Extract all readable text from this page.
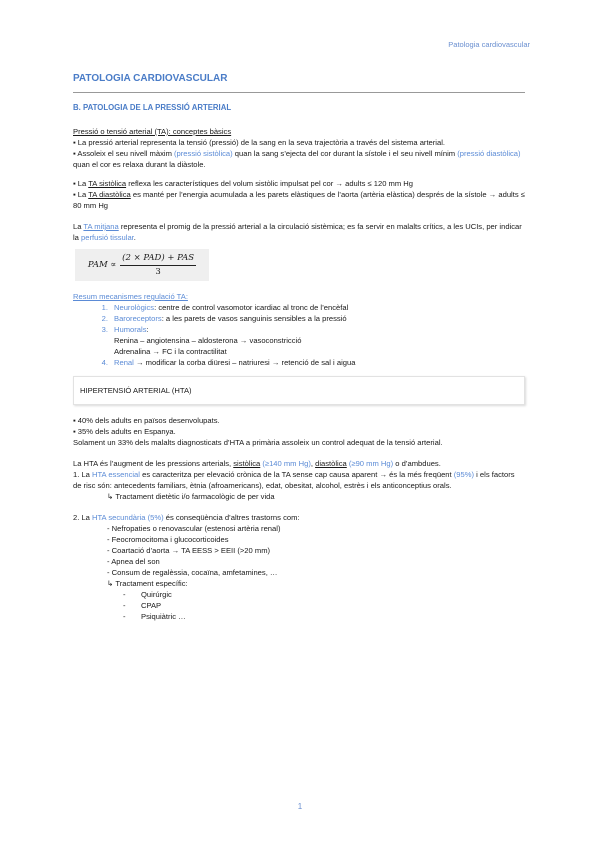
Patologia cardiovascular
PATOLOGIA CARDIOVASCULAR
B. PATOLOGIA DE LA PRESSIÓ ARTERIAL

Pressió o tensió arterial (TA): conceptes bàsics

▪ La pressió arterial representa la tensió (pressió) de la sang en la seva trajectòria a través del sistema arterial.

▪ Assoleix el seu nivell màxim (pressió sistòlica) quan la sang s’ejecta del cor durant la sístole i el seu nivell mínim (pressió diastòlica) quan el cor es relaxa durant la diàstole.

▪ La TA sistòlica reflexa les característiques del volum sistòlic impulsat pel cor → adults ≤ 120 mm Hg

▪ La TA diastòlica es manté per l’energia acumulada a les parets elàstiques de l’aorta (artèria elàstica) després de la sístole → adults ≤ 80 mm Hg

La TA mitjana representa el promig de la pressió arterial a la circulació sistèmica; es fa servir en malalts crítics, a les UCIs, per indicar la perfusió tissular.

PAM ∝ $\frac{\text{(2 × PAD) + PAS}}{3}$

Resum mecanismes regulació TA:

1. Neurològics: centre de control vasomotor icardiac al tronc de l’encèfal
2. Baroreceptors: a les parets de vasos sanguinis sensibles a la pressió
3. Humorals:

Renina – angiotensina – aldosterona → vasoconstricció

Adrenalina → FC i la contractilitat

4. Renal → modificar la corba diüresi – natriuresi → retenció de sal i aigua
HIPERTENSIÓ ARTERIAL (HTA)

▪ 40% dels adults en països desenvolupats.

▪ 35% dels adults en Espanya.

Solament un 33% dels malalts diagnosticats d’HTA a primària assoleix un control adequat de la tensió arterial.

La HTA és l’augment de les pressions arterials, sistòlica (≥140 mm Hg), diastòlica (≥90 mm Hg) o d’ambdues.

1. La HTA essencial es caracteritza per elevació crònica de la TA sense cap causa aparent → és la més freqüent (95%) i els factors de risc són: antecedents familiars, ètnia (afroamericans), edat, obesitat, alcohol, estrès i els anticonceptius orals.

↳ Tractament dietètic i/o farmacològic de per vida

2. La HTA secundària (5%) és conseqüència d’altres trastorns com:

- Nefropaties o renovascular (estenosi artèria renal)

- Feocromocitoma i glucocorticoides

- Coartació d’aorta → TA EESS > EEII (>20 mm)

- Apnea del son

- Consum de regalèssia, cocaïna, amfetamines, …

↳ Tractament específic:

-	Quirúrgic
-	CPAP
-	Psiquiàtric …
1
